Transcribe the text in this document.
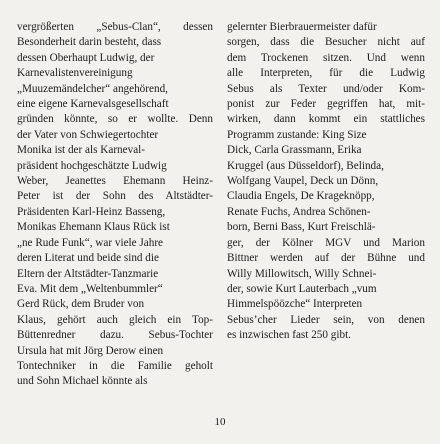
vergrößerten „Sebus-Clan“, dessen
Besonderheit darin besteht, dass
dessen Oberhaupt Ludwig, der
Karnevalistenvereinigung
„Muuzemändelcher“ angehörend,
eine eigene Karnevalsgesellschaft
gründen könnte, so er wollte. Denn
der Vater von Schwiegertochter
Monika ist der als Karneval-
präsident hochgeschätzte Ludwig
Weber, Jeanettes Ehemann Heinz-
Peter ist der Sohn des Altstädter-
Präsidenten Karl-Heinz Basseng,
Monikas Ehemann Klaus Rück ist
„ne Rude Funk“, war viele Jahre
deren Literat und beide sind die
Eltern der Altstädter-Tanzmarie
Eva. Mit dem „Weltenbummler“
Gerd Rück, dem Bruder von
Klaus, gehört auch gleich ein Top-
Büttenredner dazu. Sebus-Tochter
Ursula hat mit Jörg Derow einen
Tontechniker in die Familie geholt
und Sohn Michael könnte als
gelernter Bierbrauermeister dafür
sorgen, dass die Besucher nicht auf
dem Trockenen sitzen. Und wenn
alle Interpreten, für die Ludwig
Sebus als Texter und/oder Kom-
ponist zur Feder gegriffen hat, mit-
wirken, dann kommt ein stattliches
Programm zustande: King Size
Dick, Carla Grassmann, Erika
Kruggel (aus Düsseldorf), Belinda,
Wolfgang Vaupel, Deck un Dönn,
Claudia Engels, De Krageknöpp,
Renate Fuchs, Andrea Schönen-
born, Berni Bass, Kurt Freischlä-
ger, der Kölner MGV und Marion
Bittner werden auf der Bühne und
Willy Millowitsch, Willy Schnei-
der, sowie Kurt Lauterbach „vum
Himmelspöözche“ Interpreten
Sebus’cher Lieder sein, von denen
es inzwischen fast 250 gibt.
10
